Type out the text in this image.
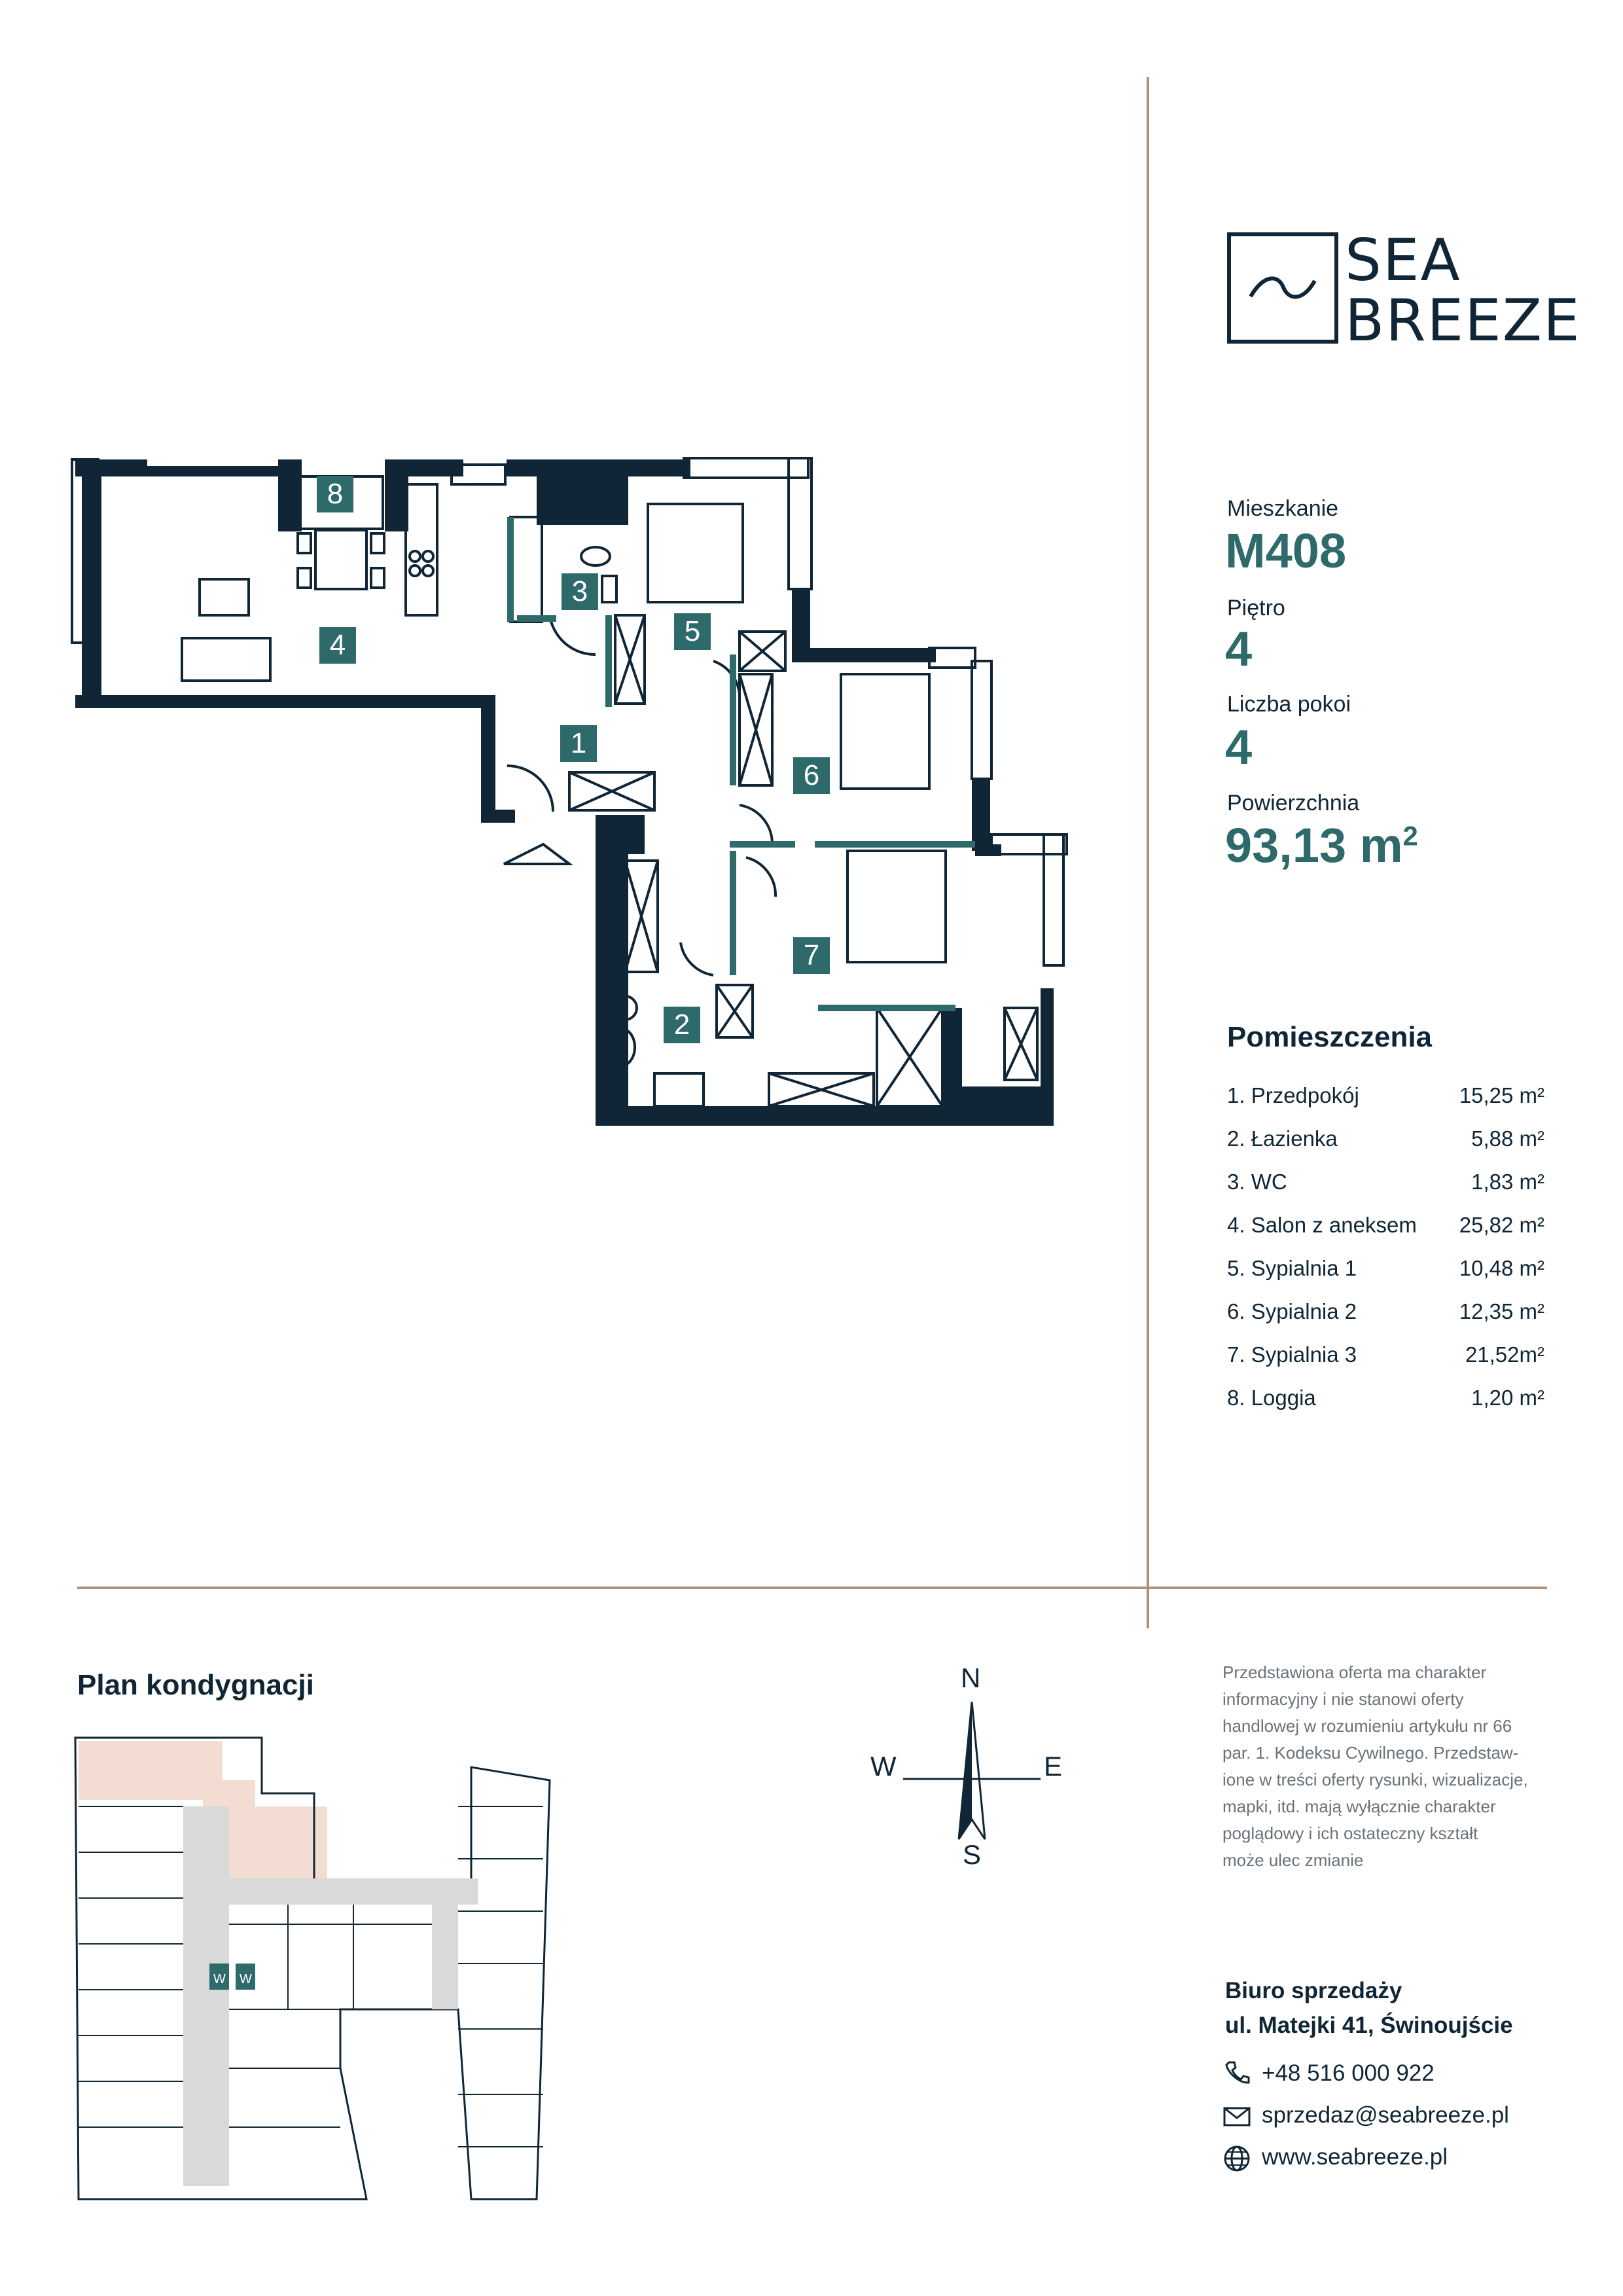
SEA
BREEZE
Mieszkanie
M408
Piętro
4
Liczba pokoi
4
Powierzchnia
93,13 $m^2$
Pomieszczenia
1. Przedpokój	15,25 m²
2. Łazienka	5,88 m²
3. WC	1,83 m²
4. Salon z aneksem 25,82 m²
5. Sypialnia 1	10,48 m²
6. Sypialnia 2	12,35 m²
7. Sypialnia 3	21,52m²
8. Loggia	1,20 m²
1
2
3
4	5
6
7
8
Plan kondygnacji
W W
N
S
E
W
Przedstawiona oferta ma charakter
informacyjny i nie stanowi oferty
handlowej w rozumieniu artykułu nr 66
par. 1. Kodeksu Cywilnego. Przedstaw-
ione w treści oferty rysunki, wizualizacje,
mapki, itd. mają wyłącznie charakter
poglądowy i ich ostateczny kształt
może ulec zmianie
Biuro sprzedaży
ul. Matejki 41, Świnoujście
+48 516 000 922
sprzedaz@seabreeze.pl
www.seabreeze.pl
